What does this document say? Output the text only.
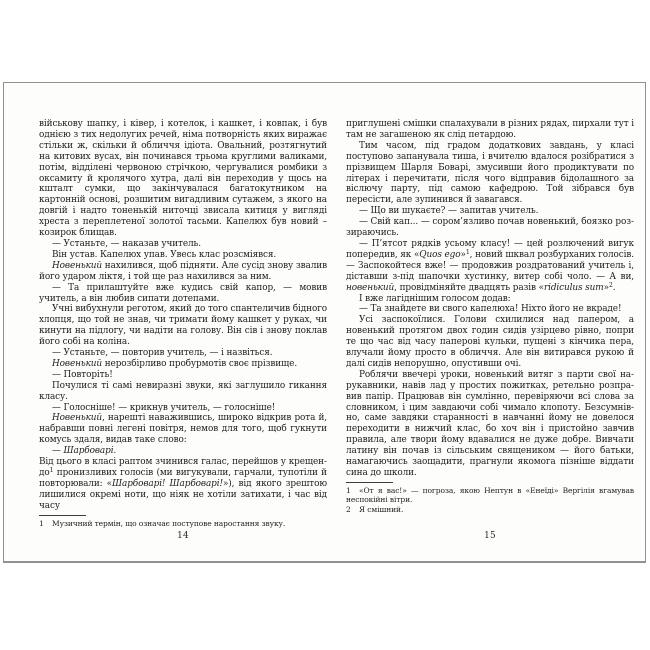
військову шапку, і ківер, і котелок, і кашкет, і ковпак, і був однією з тих недолугих речей, німа потворність яких виражає стільки ж, скільки й обличчя ідіота. Овальний, розтягнутий на китових вусах, він починався трьома круглими валиками, потім, відділені червоною стрічкою, чергувалися ромбики з оксамиту й кролячого хутра, далі він переходив у щось на кшталт сумки, що закінчувалася багатокутником на картонній основі, розшитим вигадливим сутажем, з якого на довгій і надто тоненькій ниточці звисала китиця у вигляді хреста з переплетеної золотої тасьми. Капелюх був новий – козирок блищав.

— Устаньте, — наказав учитель.

Він устав. Капелюх упав. Увесь клас розсміявся.

Новенький нахилився, щоб підняти. Але сусід знову звалив його ударом ліктя, і той ще раз нахилився за ним.

— Та прилаштуйте вже кудись свій капор, — мовив учитель, а він любив сипати дотепами.

Учні вибухнули реготом, який до того спантеличив бідного хлопця, що той не знав, чи тримати йому кашкет у руках, чи кинути на підлогу, чи надіти на голову. Він сів і знову поклав його собі на коліна.

— Устаньте, — повторив учитель, — і назвіться.

Новенький нерозбірливо пробурмотів своє прізвище.

— Повторіть!

Почулися ті самі невиразні звуки, які заглушило гикання класу.

— Голосніше! — крикнув учитель, — голосніше!

Новенький, нарешті наважившись, широко відкрив рота й, набравши повні легені повітря, немов для того, щоб гукнути комусь здаля, видав таке слово:

— Шарбоварі.

Від цього в класі раптом зчинився галас, перейшов у крещендо$^1$ пронизливих голосів (ми вигукували, гарчали, тупотіли й повторювали: «Шарбоварі! Шарбоварі!»), від якого зрештою лишилися окремі ноти, що ніяк не хотіли затихати, і час від часу

1 Музичний термін, що означає поступове наростання звуку.
14

приглушені смішки спалахували в різних рядах, пирхали тут і там не загашеною як слід петардою.

Тим часом, під градом додаткових завдань, у класі поступово запанувала тиша, і вчителю вдалося розібратися з прізвищем Шарля Боварі, змусивши його продиктувати по літерах і перечитати, після чого відправив бідолашного за віслючу парту, під самою кафедрою. Той зібрався був пересісти, але зупинився й завагався.

— Що ви шукаєте? — запитав учитель.

— Свій кап... — сором’язливо почав новенький, боязко роззираючись.

— П’ятсот рядків усьому класу! — цей розлючений вигук попередив, як «Quos ego»$^1$, новий шквал розбурханих голосів. — Заспокойтеся вже! — продовжив роздратований учитель і, діставши з-під шапочки хустинку, витер собі чоло. — А ви, новенький, провідміняйте двадцять разів «ridiculus sum»$^2$.

І вже лагіднішим голосом додав:

— Та знайдете ви свого капелюха! Ніхто його не вкраде!

Усі заспокоїлися. Голови схилилися над папером, а новенький протягом двох годин сидів узірцево рівно, попри те що час від часу паперові кульки, пущені з кінчика пера, влучали йому просто в обличчя. Але він витирався рукою й далі сидів непорушно, опустивши очі.

Роблячи ввечері уроки, новенький витяг з парти свої нарукавники, навів лад у простих пожитках, ретельно розправив папір. Працював він сумлінно, перевіряючи всі слова за словником, і цим завдаючи собі чимало клопоту. Безсумнівно, саме завдяки старанності в навчанні йому не довелося переходити в нижчий клас, бо хоч він і пристойно завчив правила, але твори йому вдавалися не дуже добре. Вивчати латину він почав із сільським священиком — його батьки, намагаючись заощадити, прагнули якомога пізніше віддати сина до школи.

1 «От я вас!» — погроза, якою Нептун в «Енеїді» Вергілія вгамував неспокійні вітри.
2 Я смішний.
15
